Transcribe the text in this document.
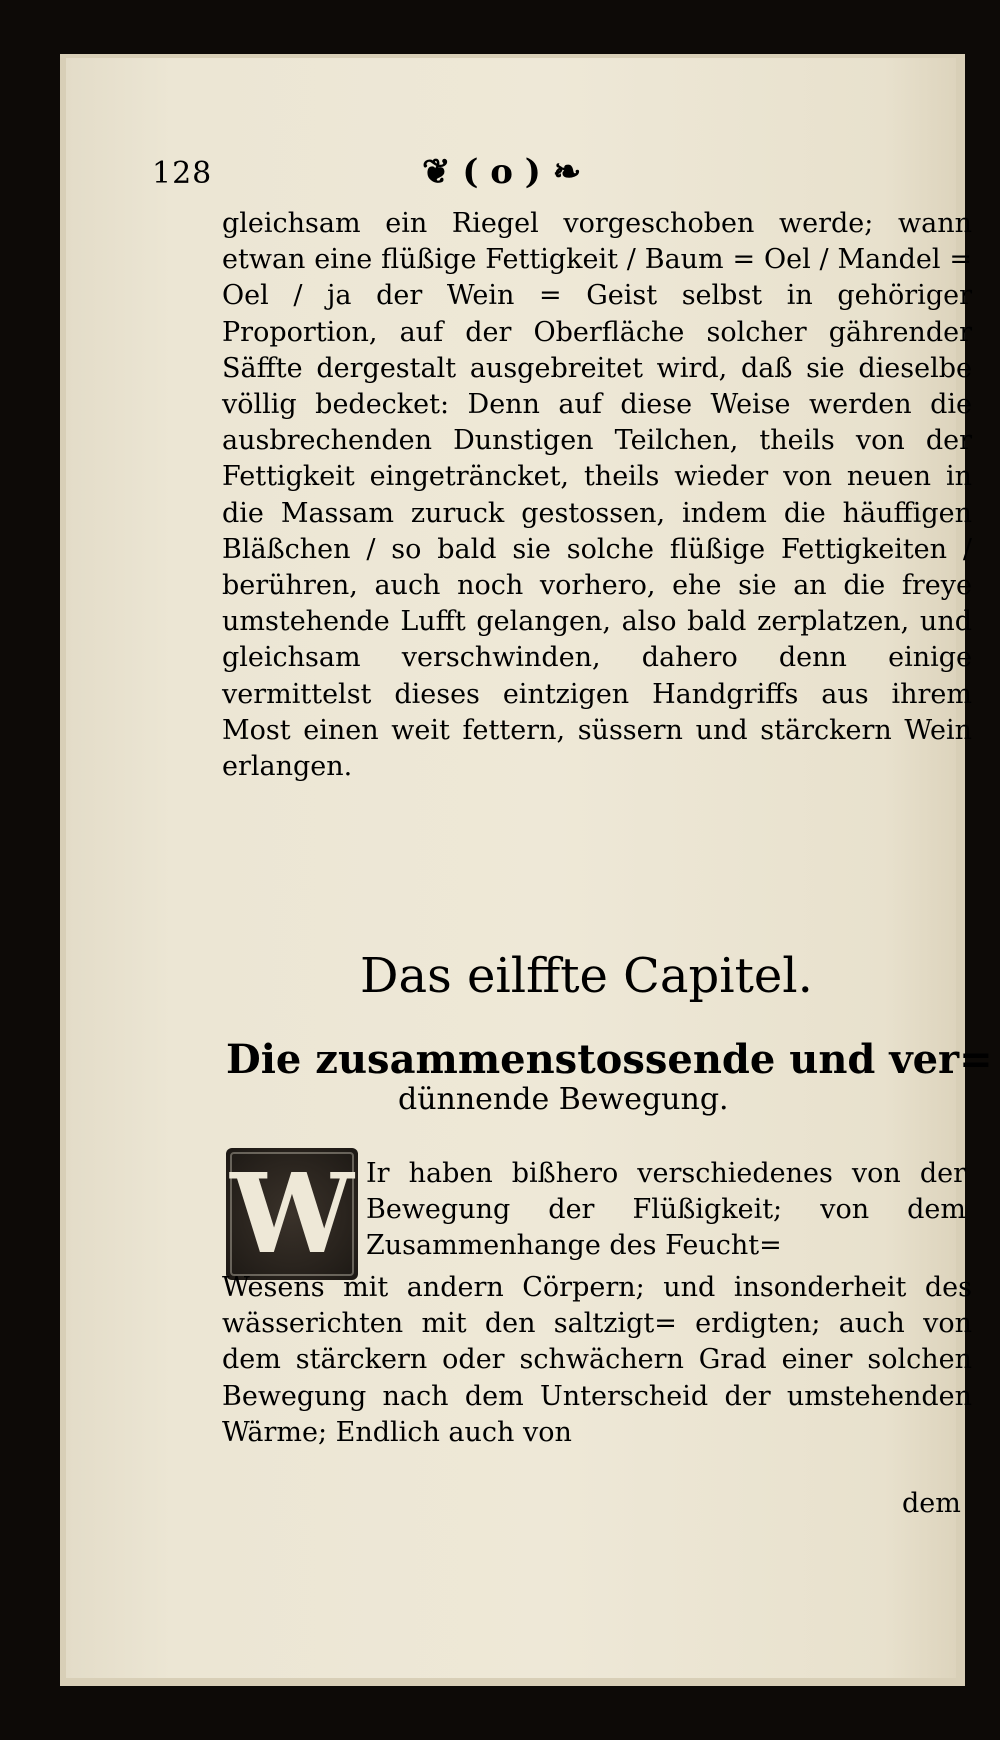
128	❦ ( o ) ❧

gleichsam ein Riegel vorgeschoben werde; wann etwan eine flüßige Fettigkeit / Baum = Oel / Mandel = Oel / ja der Wein = Geist selbst in gehöriger Proportion, auf der Oberfläche solcher gährender Säffte dergestalt ausgebreitet wird, daß sie dieselbe völlig bedecket: Denn auf diese Weise werden die ausbrechenden Dunstigen Teilchen, theils von der Fettigkeit eingeträncket, theils wieder von neuen in die Massam zuruck gestossen, indem die häuffigen Bläßchen / so bald sie solche flüßige Fettigkeiten / berühren, auch noch vorhero, ehe sie an die freye umstehende Lufft gelangen, also bald zerplatzen, und gleichsam verschwinden, dahero denn einige vermittelst dieses eintzigen Handgriffs aus ihrem Most einen weit fettern, süssern und stärckern Wein erlangen.

Das eilffte Capitel.
Die zusammenstossende und ver=
dünnende Bewegung.
W Ir haben bißhero verschiedenes von der Bewegung der Flüßigkeit; von dem Zusammenhange des Feucht=

Wesens mit andern Cörpern; und insonderheit des wässerichten mit den saltzigt= erdigten; auch von dem stärckern oder schwächern Grad einer solchen Bewegung nach dem Unterscheid der umstehenden Wärme; Endlich auch von

dem
